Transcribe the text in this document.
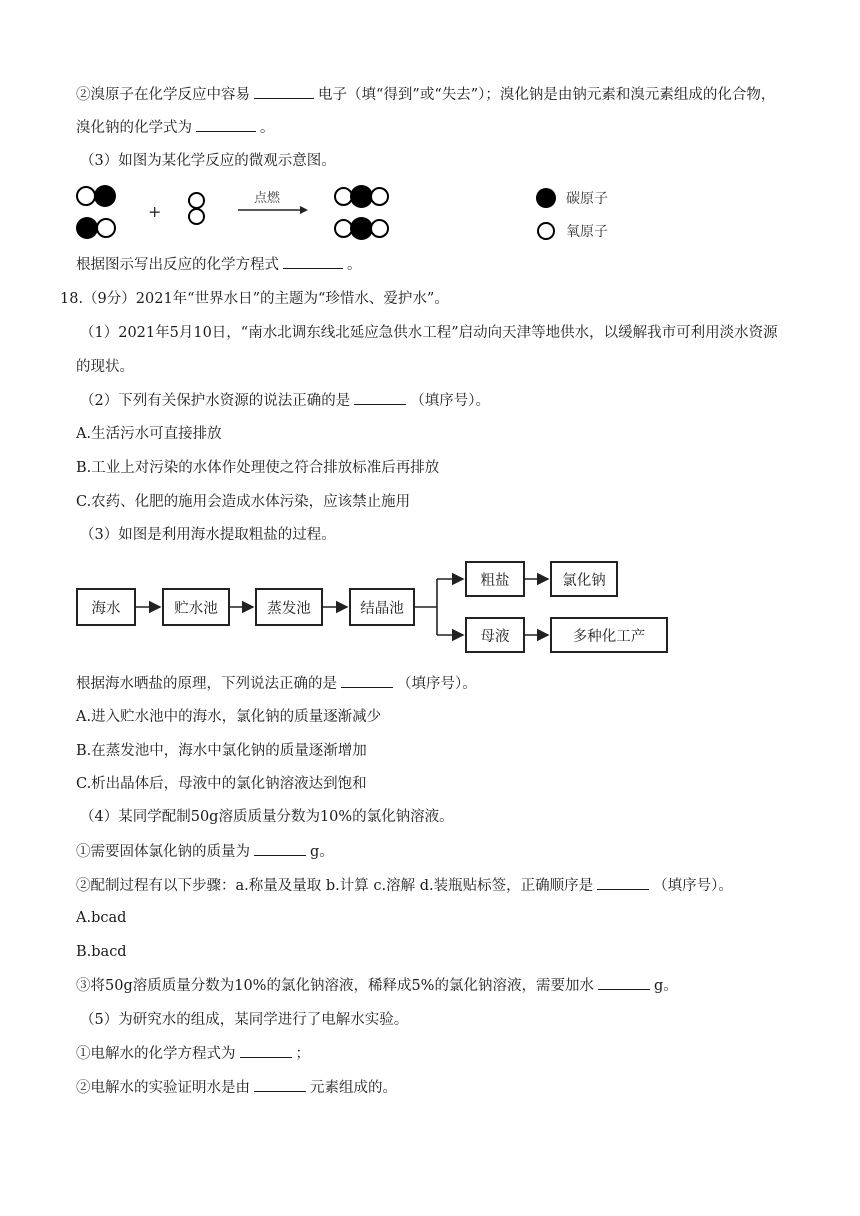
②溴原子在化学反应中容易	电子（填“得到”或“失去”）；溴化钠是由钠元素和溴元素组成的化合物，
溴化钠的化学式为	。
（3）如图为某化学反应的微观示意图。
+
点燃	碳原子
氧原子
根据图示写出反应的化学方程式	。
18.（9分）2021年“世界水日”的主题为“珍惜水、爱护水”。
（1）2021年5月10日，“南水北调东线北延应急供水工程”启动向天津等地供水，以缓解我市可利用淡水资源
的现状。
（2）下列有关保护水资源的说法正确的是	（填序号）。
A.生活污水可直接排放
B.工业上对污染的水体作处理使之符合排放标准后再排放
C.农药、化肥的施用会造成水体污染，应该禁止施用
（3）如图是利用海水提取粗盐的过程。
海水	贮水池	蒸发池	结晶池
粗盐	氯化钠
母液	多种化工产
根据海水晒盐的原理，下列说法正确的是	（填序号）。
A.进入贮水池中的海水，氯化钠的质量逐渐减少
B.在蒸发池中，海水中氯化钠的质量逐渐增加
C.析出晶体后，母液中的氯化钠溶液达到饱和
（4）某同学配制50g溶质质量分数为10%的氯化钠溶液。
①需要固体氯化钠的质量为	g。
②配制过程有以下步骤：a.称量及量取 b.计算 c.溶解 d.装瓶贴标签，正确顺序是	（填序号）。
A.bcad
B.bacd
③将50g溶质质量分数为10%的氯化钠溶液，稀释成5%的氯化钠溶液，需要加水	g。
（5）为研究水的组成，某同学进行了电解水实验。
①电解水的化学方程式为	；
②电解水的实验证明水是由	元素组成的。
